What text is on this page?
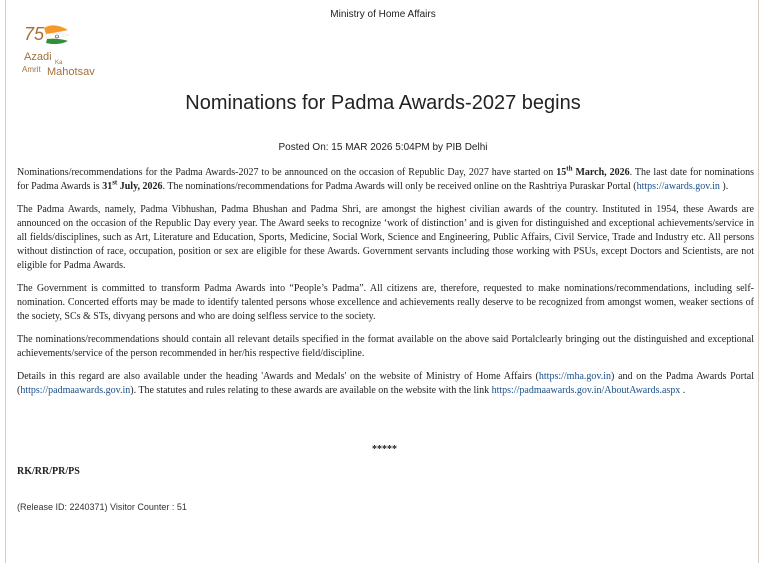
Ministry of Home Affairs
75
Azadi Ka
Amrit Mahotsav
Nominations for Padma Awards-2027 begins
Posted On: 15 MAR 2026 5:04PM by PIB Delhi

Nominations/recommendations for the Padma Awards-2027 to be announced on the occasion of Republic Day, 2027 have started on 15th March, 2026. The last date for nominations for Padma Awards is 31st July, 2026. The nominations/recommendations for Padma Awards will only be received online on the Rashtriya Puraskar Portal (https://awards.gov.in ).

The Padma Awards, namely, Padma Vibhushan, Padma Bhushan and Padma Shri, are amongst the highest civilian awards of the country. Instituted in 1954, these Awards are announced on the occasion of the Republic Day every year. The Award seeks to recognize ‘work of distinction’ and is given for distinguished and exceptional achievements/service in all fields/disciplines, such as Art, Literature and Education, Sports, Medicine, Social Work, Science and Engineering, Public Affairs, Civil Service, Trade and Industry etc. All persons without distinction of race, occupation, position or sex are eligible for these Awards. Government servants including those working with PSUs, except Doctors and Scientists, are not eligible for Padma Awards.

The Government is committed to transform Padma Awards into “People’s Padma”. All citizens are, therefore, requested to make nominations/recommendations, including self-nomination. Concerted efforts may be made to identify talented persons whose excellence and achievements really deserve to be recognized from amongst women, weaker sections of the society, SCs & STs, divyang persons and who are doing selfless service to the society.

The nominations/recommendations should contain all relevant details specified in the format available on the above said Portalclearly bringing out the distinguished and exceptional achievements/service of the person recommended in her/his respective field/discipline.

Details in this regard are also available under the heading 'Awards and Medals' on the website of Ministry of Home Affairs (https://mha.gov.in) and on the Padma Awards Portal (https://padmaawards.gov.in). The statutes and rules relating to these awards are available on the website with the link https://padmaawards.gov.in/AboutAwards.aspx .

*****
RK/RR/PR/PS
(Release ID: 2240371) Visitor Counter : 51
